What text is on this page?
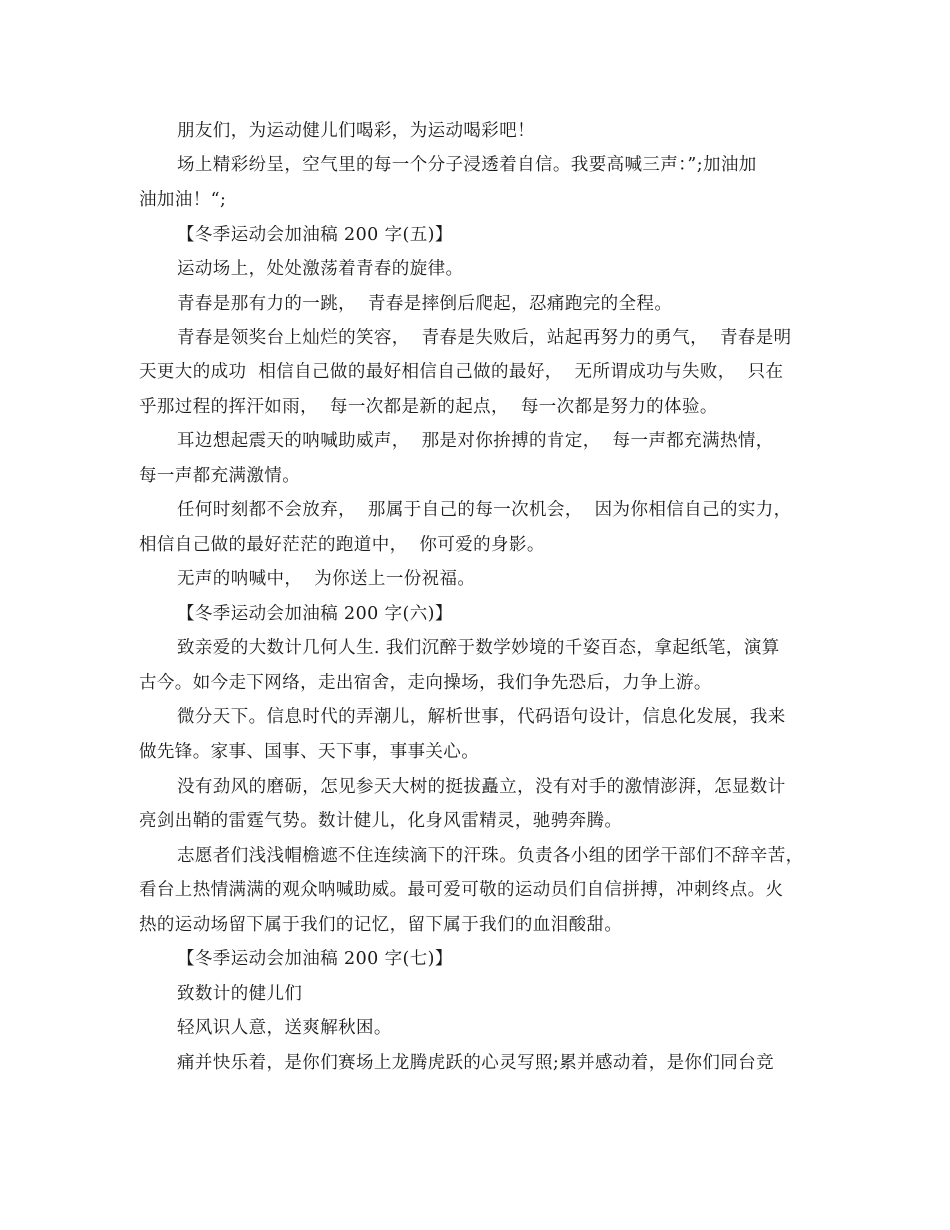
朋友们，为运动健儿们喝彩，为运动喝彩吧！
场上精彩纷呈，空气里的每一个分子浸透着自信。我要高喊三声：”;加油加
油加油！“;
【冬季运动会加油稿 200 字(五)】
运动场上，处处激荡着青春的旋律。
青春是那有力的一跳，  青春是摔倒后爬起，忍痛跑完的全程。
青春是领奖台上灿烂的笑容，  青春是失败后，站起再努力的勇气，  青春是明
天更大的成功  相信自己做的最好相信自己做的最好，  无所谓成功与失败，  只在
乎那过程的挥汗如雨，  每一次都是新的起点，  每一次都是努力的体验。
耳边想起震天的呐喊助威声，  那是对你拚搏的肯定，  每一声都充满热情，
每一声都充满激情。
任何时刻都不会放弃，  那属于自己的每一次机会，  因为你相信自己的实力，
相信自己做的最好茫茫的跑道中，  你可爱的身影。
无声的呐喊中，  为你送上一份祝福。
【冬季运动会加油稿 200 字(六)】
致亲爱的大数计几何人生. 我们沉醉于数学妙境的千姿百态，拿起纸笔，演算
古今。如今走下网络，走出宿舍，走向操场，我们争先恐后，力争上游。
微分天下。信息时代的弄潮儿，解析世事，代码语句设计，信息化发展，我来
做先锋。家事、国事、天下事，事事关心。
没有劲风的磨砺，怎见参天大树的挺拔矗立，没有对手的激情澎湃，怎显数计
亮剑出鞘的雷霆气势。数计健儿，化身风雷精灵，驰骋奔腾。
志愿者们浅浅帽檐遮不住连续滴下的汗珠。负责各小组的团学干部们不辞辛苦，
看台上热情满满的观众呐喊助威。最可爱可敬的运动员们自信拼搏，冲刺终点。火
热的运动场留下属于我们的记忆，留下属于我们的血泪酸甜。
【冬季运动会加油稿 200 字(七)】
致数计的健儿们
轻风识人意，送爽解秋困。
痛并快乐着，是你们赛场上龙腾虎跃的心灵写照;累并感动着，是你们同台竞
